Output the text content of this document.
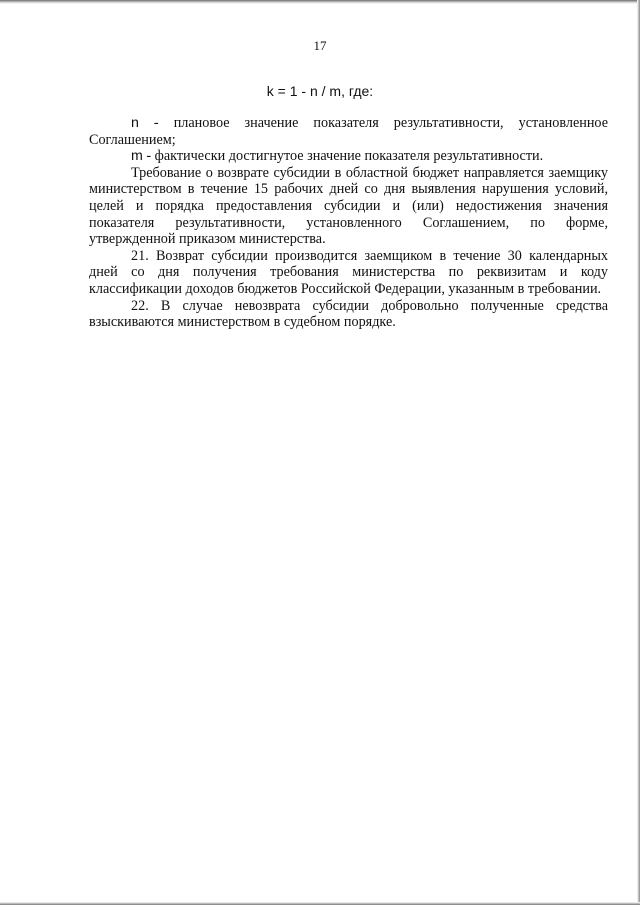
17
k = 1 - n / m, где:

n - плановое значение показателя результативности, установленное Соглашением;

m - фактически достигнутое значение показателя результативности.

Требование о возврате субсидии в областной бюджет направляется заемщику министерством в течение 15 рабочих дней со дня выявления нарушения условий, целей и порядка предоставления субсидии и (или) недостижения значения показателя результативности, установленного Соглашением, по форме, утвержденной приказом министерства.

21. Возврат субсидии производится заемщиком в течение 30 календарных дней со дня получения требования министерства по реквизитам и коду классификации доходов бюджетов Российской Федерации, указанным в требовании.

22. В случае невозврата субсидии добровольно полученные средства взыскиваются министерством в судебном порядке.
